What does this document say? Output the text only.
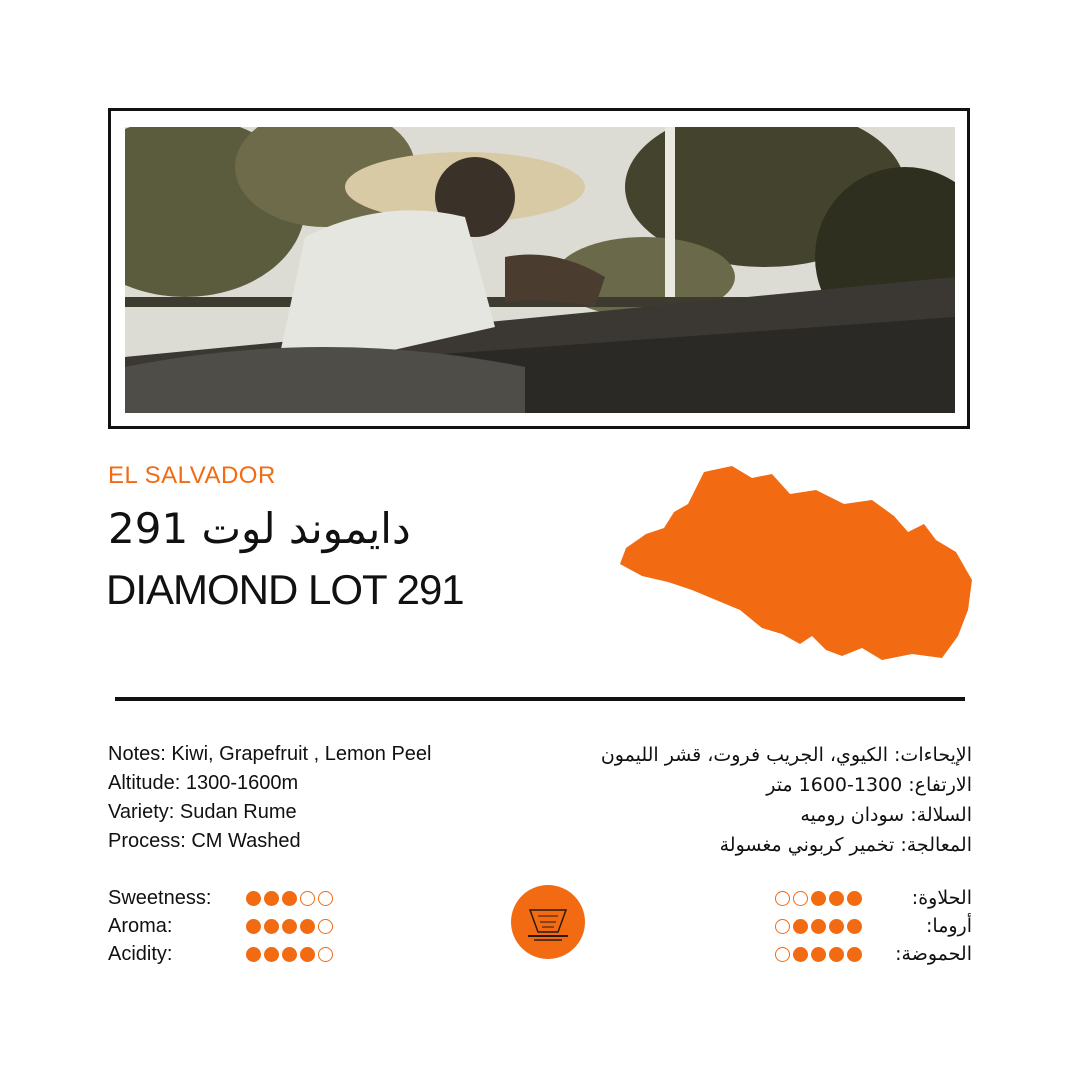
EL SALVADOR
دايموند لوت 291
DIAMOND LOT 291
Notes: Kiwi, Grapefruit , Lemon Peel
Altitude: 1300-1600m
Variety: Sudan Rume
Process: CM Washed
الإيحاءات: الكيوي، الجريب فروت، قشر الليمون
الارتفاع: 1300-1600 متر
السلالة: سودان روميه
المعالجة: تخمير كربوني مغسولة
Sweetness:
Aroma:
Acidity:
الحلاوة:
أروما:
الحموضة:
